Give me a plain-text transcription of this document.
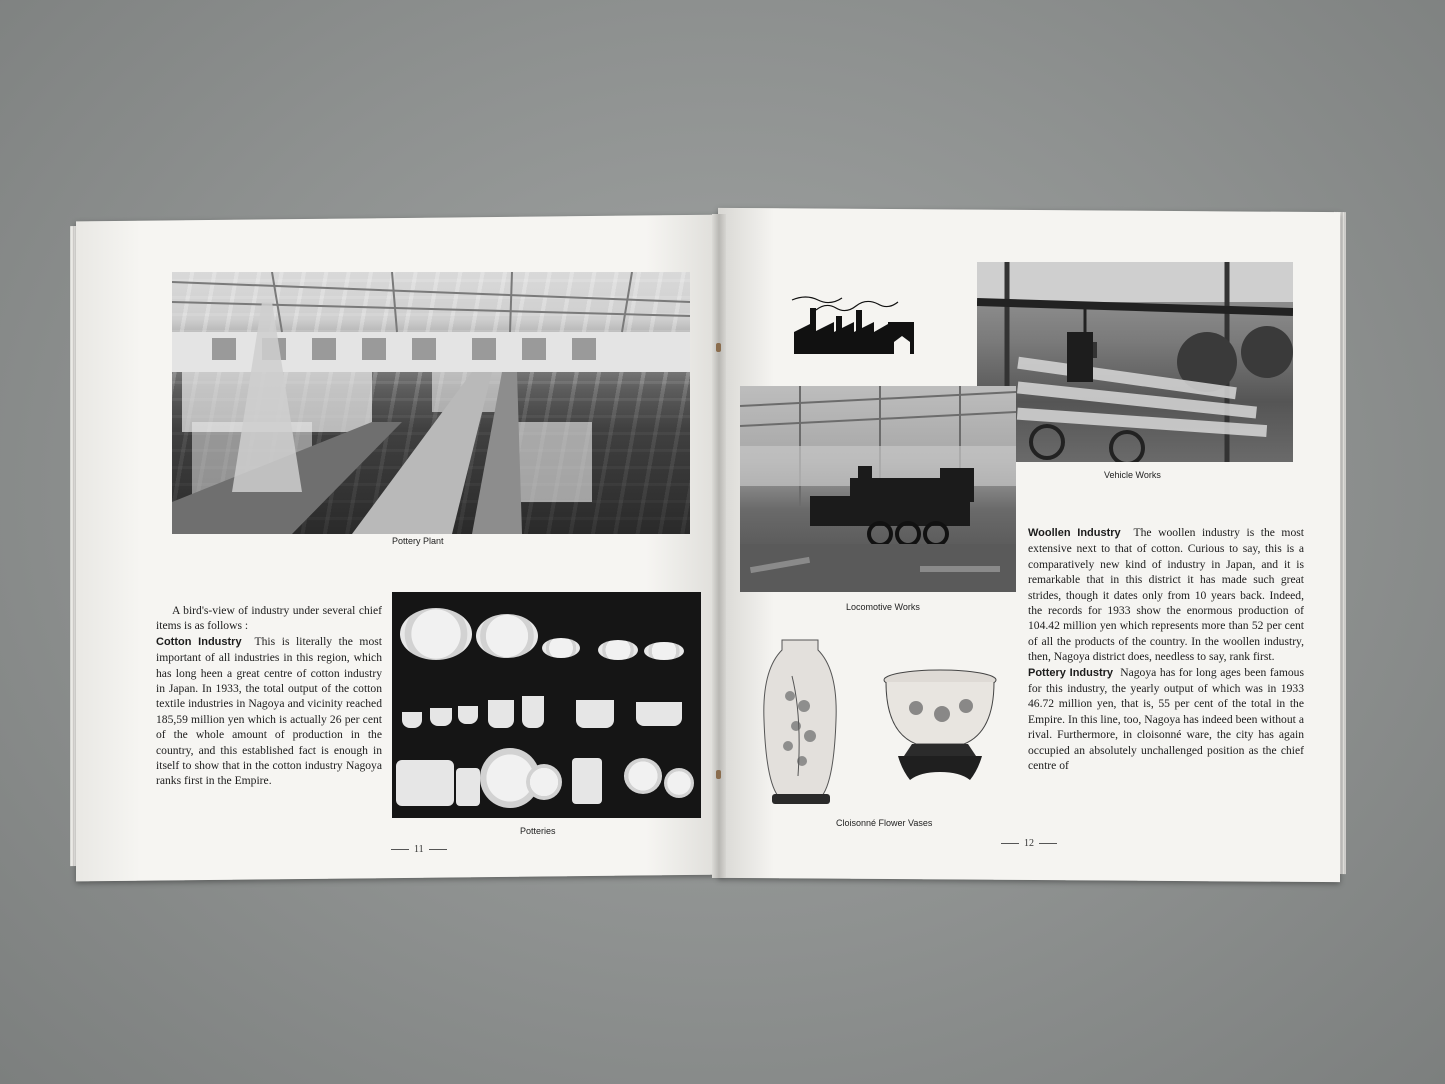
Pottery Plant

A bird's-view of industry under several chief items is as follows :

Cotton Industry This is literally the most important of all industries in this region, which has long heen a great centre of cotton industry in Japan. In 1933, the total output of the cotton textile industries in Nagoya and vicinity reached 185,59 million yen which is actually 26 per cent of the whole amount of production in the country, and this established fact is enough in itself to show that in the cotton industry Nagoya ranks first in the Empire.

Potteries
11
Vehicle Works
Locomotive Works
Cloisonné Flower Vases

Woollen Industry The woollen industry is the most extensive next to that of cotton. Curious to say, this is a comparatively new kind of industry in Japan, and it is remarkable that in this district it has made such great strides, though it dates only from 10 years back. Indeed, the records for 1933 show the enormous production of 104.42 million yen which represents more than 52 per cent of all the products of the country. In the woollen industry, then, Nagoya district does, needless to say, rank first.

Pottery Industry Nagoya has for long ages been famous for this industry, the yearly output of which was in 1933 46.72 million yen, that is, 55 per cent of the total in the Empire. In this line, too, Nagoya has indeed been without a rival. Furthermore, in cloisonné ware, the city has again occupied an absolutely unchallenged position as the chief centre of

12
